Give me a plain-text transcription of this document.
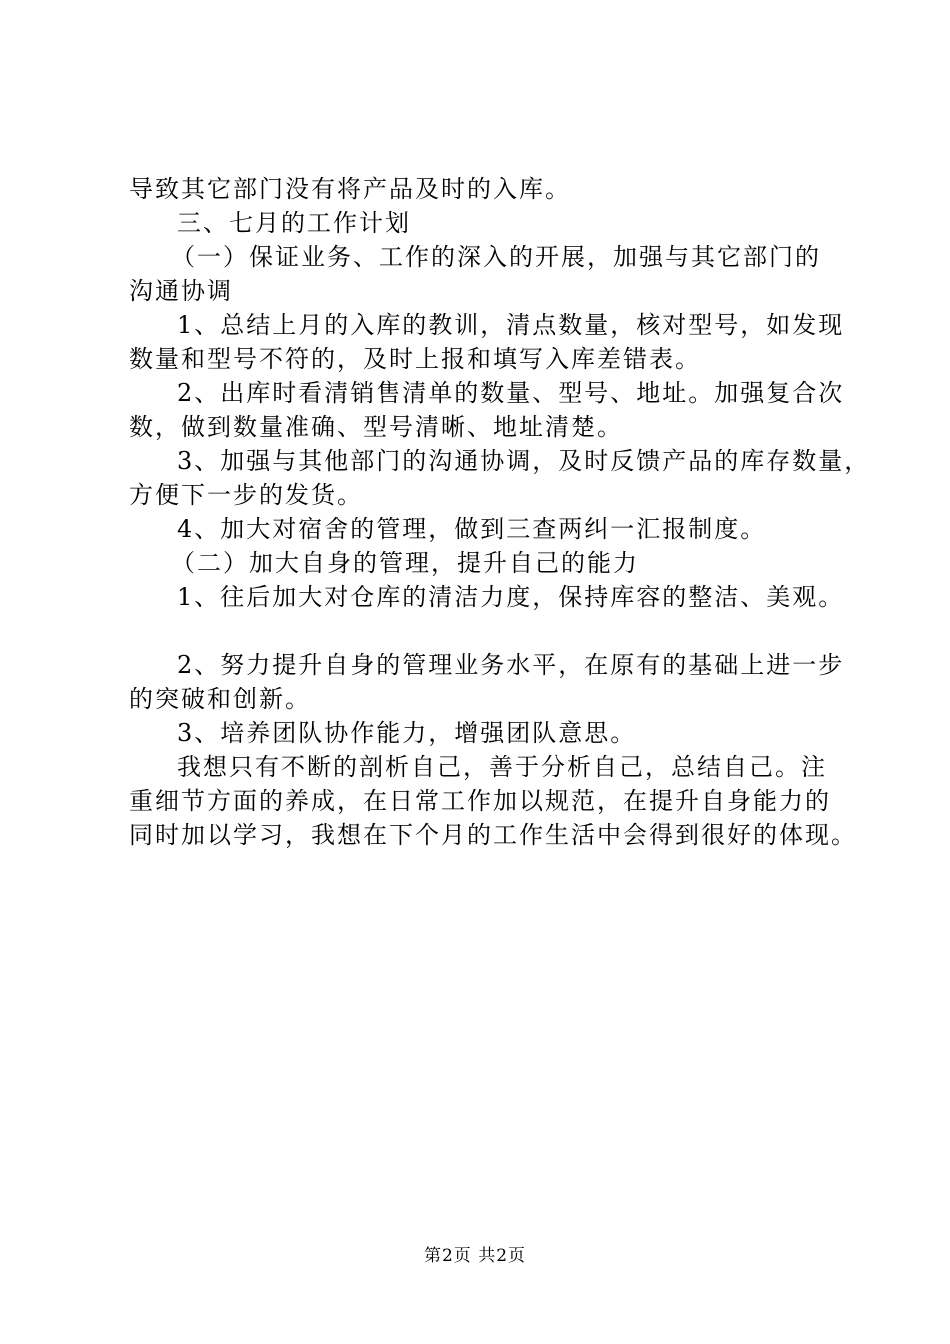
导致其它部门没有将产品及时的入库。
三、七月的工作计划
（一）保证业务、工作的深入的开展，加强与其它部门的
沟通协调
1、总结上月的入库的教训，清点数量，核对型号，如发现
数量和型号不符的，及时上报和填写入库差错表。
2、出库时看清销售清单的数量、型号、地址。加强复合次
数，做到数量准确、型号清晰、地址清楚。
3、加强与其他部门的沟通协调，及时反馈产品的库存数量，
方便下一步的发货。
4、加大对宿舍的管理，做到三查两纠一汇报制度。
（二）加大自身的管理，提升自己的能力
1、往后加大对仓库的清洁力度，保持库容的整洁、美观。
2、努力提升自身的管理业务水平，在原有的基础上进一步
的突破和创新。
3、培养团队协作能力，增强团队意思。
我想只有不断的剖析自己，善于分析自己，总结自己。注
重细节方面的养成，在日常工作加以规范，在提升自身能力的
同时加以学习，我想在下个月的工作生活中会得到很好的体现。
第2页 共2页
